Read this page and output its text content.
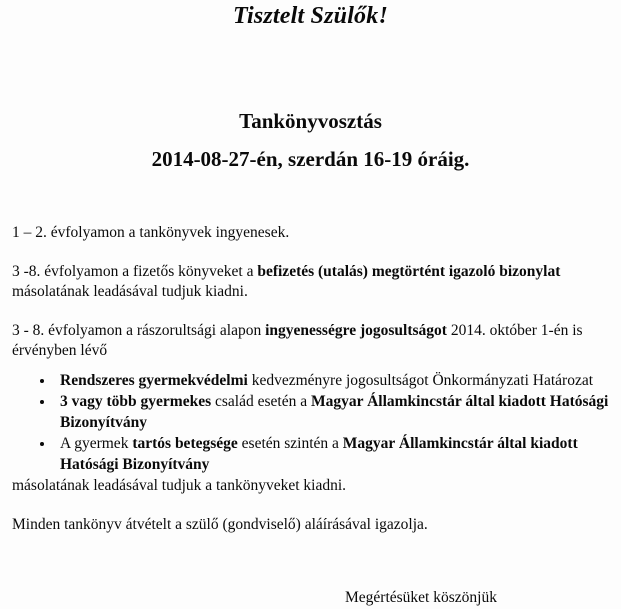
Tisztelt Szülők!
Tankönyvosztás
2014-08-27-én, szerdán 16-19 óráig.

1 – 2. évfolyamon a tankönyvek ingyenesek.

3 -8. évfolyamon a fizetős könyveket a befizetés (utalás) megtörtént igazoló bizonylat másolatának leadásával tudjuk kiadni.

3 - 8. évfolyamon a rászorultsági alapon ingyenességre jogosultságot 2014. október 1-én is érvényben lévő

Rendszeres gyermekvédelmi kedvezményre jogosultságot Önkormányzati Határozat
3 vagy több gyermekes család esetén a Magyar Államkincstár által kiadott Hatósági Bizonyítvány
A gyermek tartós betegsége esetén szintén a Magyar Államkincstár által kiadott Hatósági Bizonyítvány

másolatának leadásával tudjuk a tankönyveket kiadni.

Minden tankönyv átvételt a szülő (gondviselő) aláírásával igazolja.

Megértésüket köszönjük
